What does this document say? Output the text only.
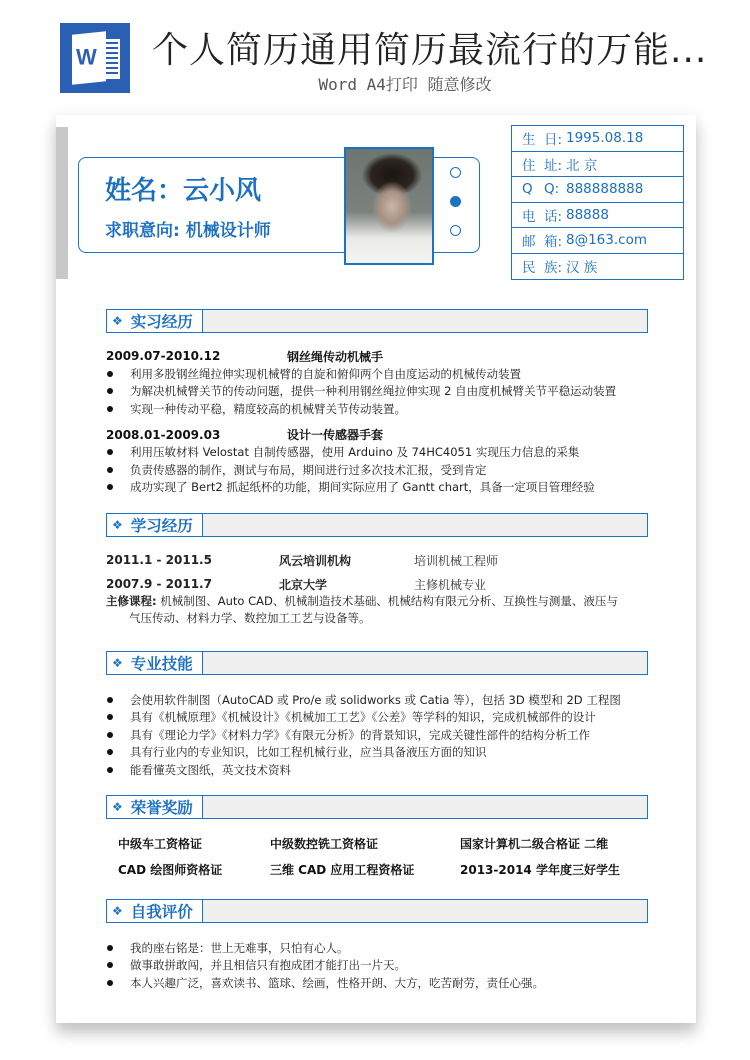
W 个人简历通用简历最流行的万能...
Word A4打印 随意修改
姓名：云小风
求职意向: 机械设计师
生 日: 1995.08.18
住 址: 北 京
Q Q: 888888888
电 话: 88888
邮 箱: 8@163.com
民 族: 汉 族
❖ 实习经历
2009.07-2010.12	钢丝绳传动机械手
利用多股钢丝绳拉伸实现机械臂的自旋和俯仰两个自由度运动的机械传动装置
为解决机械臂关节的传动问题，提供一种利用钢丝绳拉伸实现 2 自由度机械臂关节平稳运动装置
实现一种传动平稳，精度较高的机械臂关节传动装置。
2008.01-2009.03	设计一传感器手套
利用压敏材料 Velostat 自制传感器，使用 Arduino 及 74HC4051 实现压力信息的采集
负责传感器的制作，测试与布局，期间进行过多次技术汇报，受到肯定
成功实现了 Bert2 抓起纸杯的功能，期间实际应用了 Gantt chart，具备一定项目管理经验
❖ 学习经历
2011.1 - 2011.5	风云培训机构	培训机械工程师
2007.9 - 2011.7	北京大学	主修机械专业
主修课程: 机械制图、Auto CAD、机械制造技术基础、机械结构有限元分析、互换性与测量、液压与
气压传动、材料力学、数控加工工艺与设备等。
❖ 专业技能
会使用软件制图（AutoCAD 或 Pro/e 或 solidworks 或 Catia 等），包括 3D 模型和 2D 工程图
具有《机械原理》《机械设计》《机械加工工艺》《公差》等学科的知识，完成机械部件的设计
具有《理论力学》《材料力学》《有限元分析》的背景知识，完成关键性部件的结构分析工作
具有行业内的专业知识，比如工程机械行业，应当具备液压方面的知识
能看懂英文图纸，英文技术资料
❖ 荣誉奖励
中级车工资格证	中级数控铣工资格证	国家计算机二级合格证 二维
CAD 绘图师资格证	三维 CAD 应用工程资格证	2013-2014 学年度三好学生
❖ 自我评价
我的座右铭是：世上无难事，只怕有心人。
做事敢拼敢闯，并且相信只有抱成团才能打出一片天。
本人兴趣广泛，喜欢读书、篮球、绘画，性格开朗、大方，吃苦耐劳，责任心强。
